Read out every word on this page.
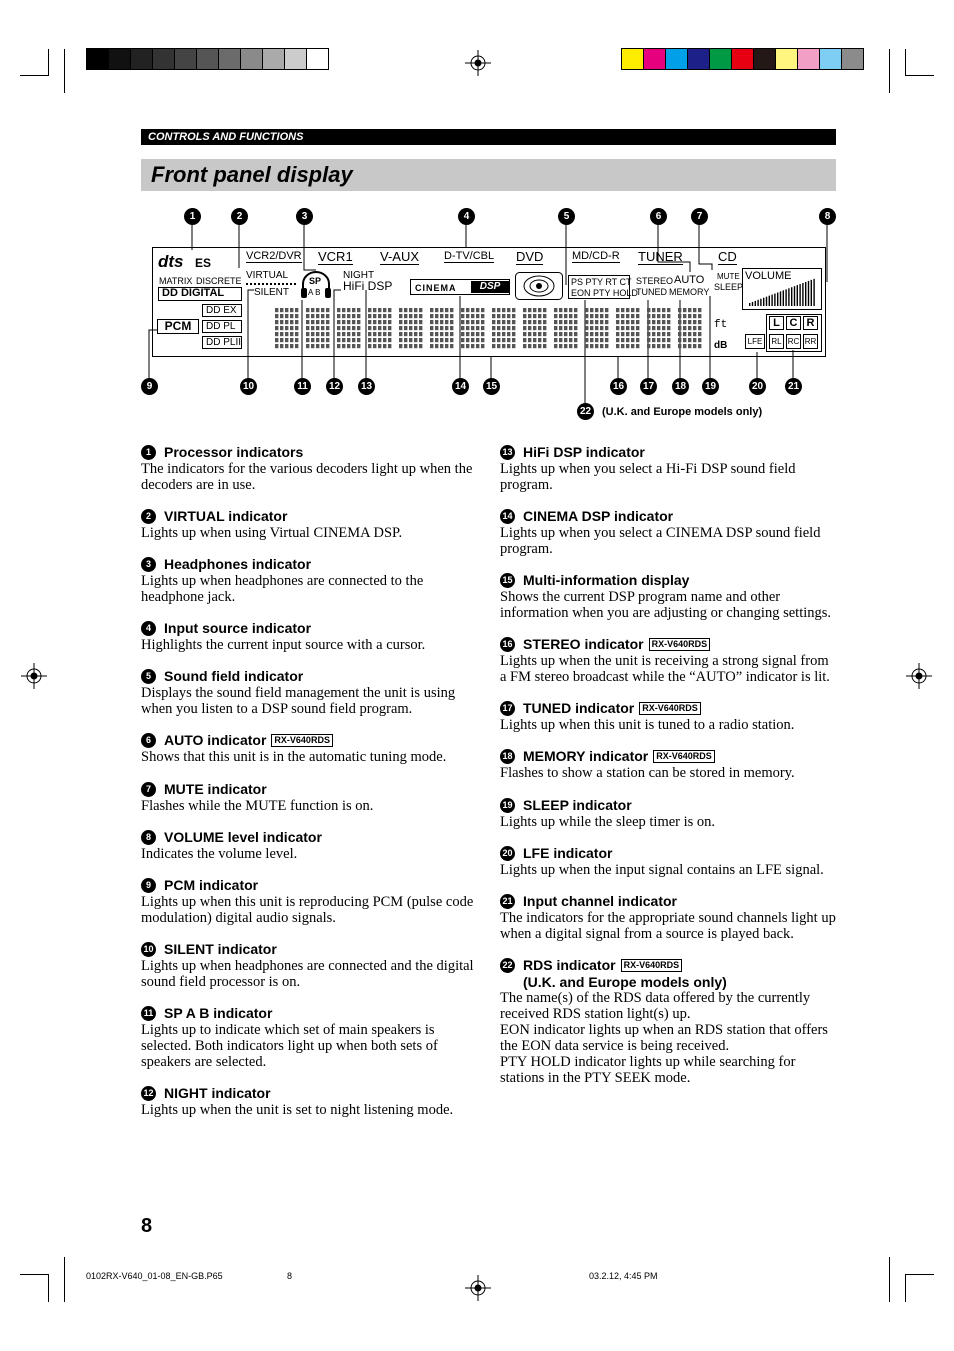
CONTROLS AND FUNCTIONS
Front panel display
1	2	3	4	5	6	7	8
9	10	11	12 13	14 15	16 17 18 19	20 21
22 (U.K. and Europe models only)
dts ES
MATRIX DISCRETE
DD DIGITAL
DD EX
DD PL
DD PLII
PCM
VIRTUAL
SILENT
SP
A B
NIGHT
HiFi DSP	CINEMA	DSP
VCR2/DVR VCR1 V-AUX D-TV/CBL DVD	MD/CD-R TUNER	CD
PS PTY RT CT
EON PTY HOLD
STEREO
TUNED
AUTO
MEMORY
MUTE
SLEEP
VOLUME
ft
dB
L C R
RL RC RR
LFE
1 Processor indicators
The indicators for the various decoders light up when the decoders are in use.
2 VIRTUAL indicator
Lights up when using Virtual CINEMA DSP.
3 Headphones indicator
Lights up when headphones are connected to the headphone jack.
4 Input source indicator
Highlights the current input source with a cursor.
5 Sound field indicator
Displays the sound field management the unit is using when you listen to a DSP sound field program.
6 AUTO indicator RX-V640RDS
Shows that this unit is in the automatic tuning mode.
7 MUTE indicator
Flashes while the MUTE function is on.
8 VOLUME level indicator
Indicates the volume level.
9 PCM indicator
Lights up when this unit is reproducing PCM (pulse code modulation) digital audio signals.
10 SILENT indicator
Lights up when headphones are connected and the digital sound field processor is on.
11 SP A B indicator
Lights up to indicate which set of main speakers is selected. Both indicators light up when both sets of speakers are selected.
12 NIGHT indicator
Lights up when the unit is set to night listening mode.
13 HiFi DSP indicator
Lights up when you select a Hi-Fi DSP sound field program.
14 CINEMA DSP indicator
Lights up when you select a CINEMA DSP sound field program.
15 Multi-information display
Shows the current DSP program name and other information when you are adjusting or changing settings.
16 STEREO indicator RX-V640RDS
Lights up when the unit is receiving a strong signal from a FM stereo broadcast while the “AUTO” indicator is lit.
17 TUNED indicator RX-V640RDS
Lights up when this unit is tuned to a radio station.
18 MEMORY indicator RX-V640RDS
Flashes to show a station can be stored in memory.
19 SLEEP indicator
Lights up while the sleep timer is on.
20 LFE indicator
Lights up when the input signal contains an LFE signal.
21 Input channel indicator
The indicators for the appropriate sound channels light up when a digital signal from a source is played back.
22 RDS indicator RX-V640RDS
(U.K. and Europe models only)
The name(s) of the RDS data offered by the currently received RDS station light(s) up.
EON indicator lights up when an RDS station that offers the EON data service is being received.
PTY HOLD indicator lights up while searching for stations in the PTY SEEK mode.
8
0102RX-V640_01-08_EN-GB.P65	8	03.2.12, 4:45 PM
